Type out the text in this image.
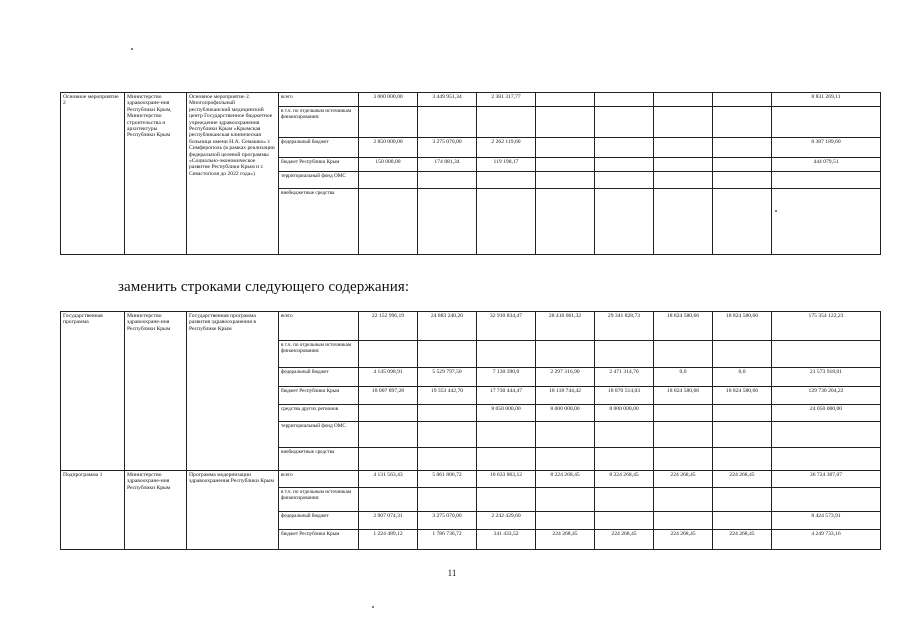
Основное мероприятие 2	Министерство здравоохране-ния Республики Крым, Министерство строительства и архитектуры Республики Крым	Основное мероприятие 2. Многопрофильный республиканский медицинский центр Государственное бюджетное учреждение здравоохранения Республики Крым «Крымская республиканская клиническая больница имени Н.А. Семашко» г. Симферополь (в рамках реализации федеральной целевой программы «Социально-экономическое развитие Республики Крым и г. Севастополя до 2022 года»)	всего	3 000 000,00	3 449 951,34	2 381 317,77					8 831 269,11
			в т.ч. по отдельным источникам финансирования:								
			федеральный бюджет	2 850 000,00	3 275 070,00	2 262 119,60					8 387 189,60
			бюджет Республики Крым	150 000,00	174 881,34	119 198,17					444 079,51
			территориальный фонд ОМС								
			внебюджетные средства								
заменить строками следующего содержания:
Государственная программа	Министерство здравоохране-ния Республики Крым	Государственная программа развития здравоохранения в Республике Крым	всего	22 152 996,19	24 883 240,20	32 910 834,47	28 416 061,32	29 341 828,73	18 824 580,66	18 824 580,66	175 354 122,23
			в т.ч. по отдельным источникам финансирования:								
			федеральный бюджет	4 145 098,91	5 529 797,50	7 130 390,0	2 297 316,90	2 471 314,70	0,0	0,0	21 573 918,01
			бюджет Республики Крым	18 007 897,28	19 353 442,70	17 730 444,47	18 118 744,42	18 870 514,03	18 824 580,66	18 824 580,66	129 730 204,22
			средства других регионов			8 050 000,00	8 000 000,00	8 000 000,00			24 050 000,00
			территориальный фонд ОМС								
			внебюджетные средства								
Подпрограмма 1	Министерство здравоохране-ния Республики Крым	Программа модернизации здравоохранения Республики Крым	всего	4 131 563,43	5 061 806,72	10 633 863,12	8 224 268,45	8 224 268,45	224 268,45	224 268,45	36 724 307,07
			в т.ч. по отдельным источникам финансирования:								
			федеральный бюджет	2 907 074,31	3 275 070,00	2 242 429,60					8 424 573,91
			бюджет Республики Крым	1 224 489,12	1 786 736,72	341 433,52	224 268,45	224 268,45	224 268,45	224 268,45	4 249 733,16
11
